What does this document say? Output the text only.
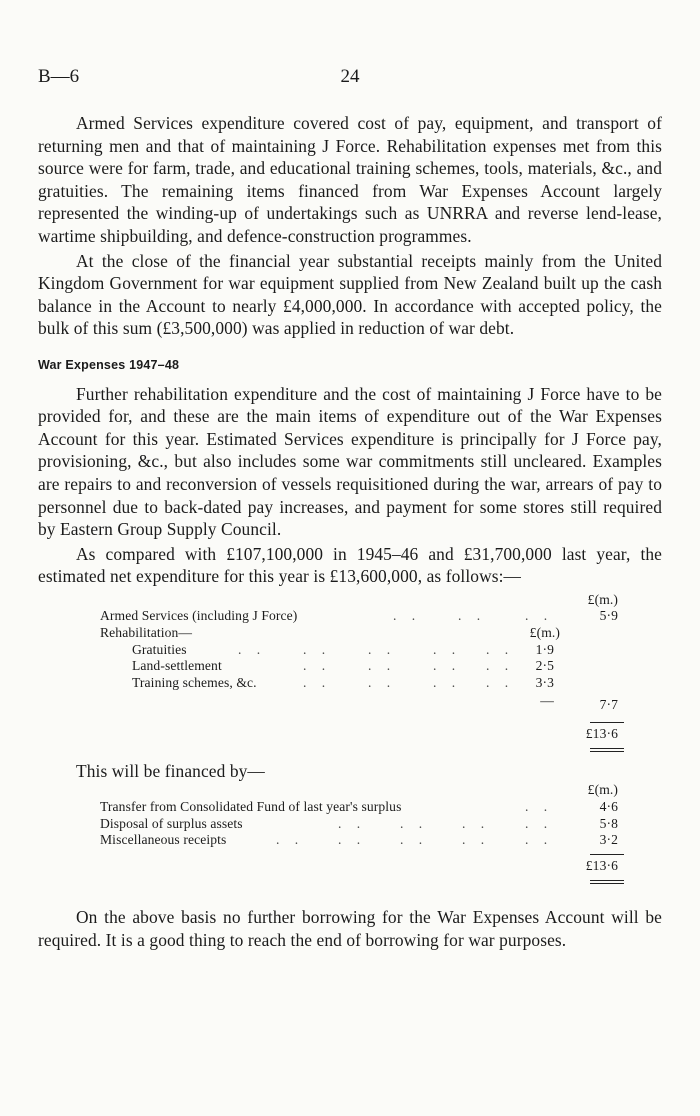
B—6	24

Armed Services expenditure covered cost of pay, equipment, and transport of returning men and that of maintaining J Force. Rehabilitation expenses met from this source were for farm, trade, and educational training schemes, tools, materials, &c., and gratuities. The remaining items financed from War Expenses Account largely represented the winding-up of undertakings such as UNRRA and reverse lend-lease, wartime shipbuilding, and defence-construction programmes.

At the close of the financial year substantial receipts mainly from the United Kingdom Government for war equipment supplied from New Zealand built up the cash balance in the Account to nearly £4,000,000. In accordance with accepted policy, the bulk of this sum (£3,500,000) was applied in reduction of war debt.

War Expenses 1947–48

Further rehabilitation expenditure and the cost of maintaining J Force have to be provided for, and these are the main items of expenditure out of the War Expenses Account for this year. Estimated Services expenditure is principally for J Force pay, provisioning, &c., but also includes some war commitments still uncleared. Examples are repairs to and reconversion of vessels requisitioned during the war, arrears of pay to personnel due to back-dated pay increases, and payment for some stores still required by Eastern Group Supply Council.

As compared with £107,100,000 in 1945–46 and £31,700,000 last year, the estimated net expenditure for this year is £13,600,000, as follows:—

£(m.)
Armed Services (including J Force)	. .	. .	. .	5·9
Rehabilitation—	£(m.)
Gratuities	. .	. .	. .	. . . .	1·9
Land-settlement	. .	. .	. . . .	2·5
Training schemes, &c.	. .	. .	. . . .	3·3
—	7·7
£13·6

This will be financed by—

£(m.)
Transfer from Consolidated Fund of last year's surplus	. .	4·6
Disposal of surplus assets	. . . . . .	. .	5·8
Miscellaneous receipts	. . . . . . . .	. .	3·2
£13·6

On the above basis no further borrowing for the War Expenses Account will be required. It is a good thing to reach the end of borrowing for war purposes.
